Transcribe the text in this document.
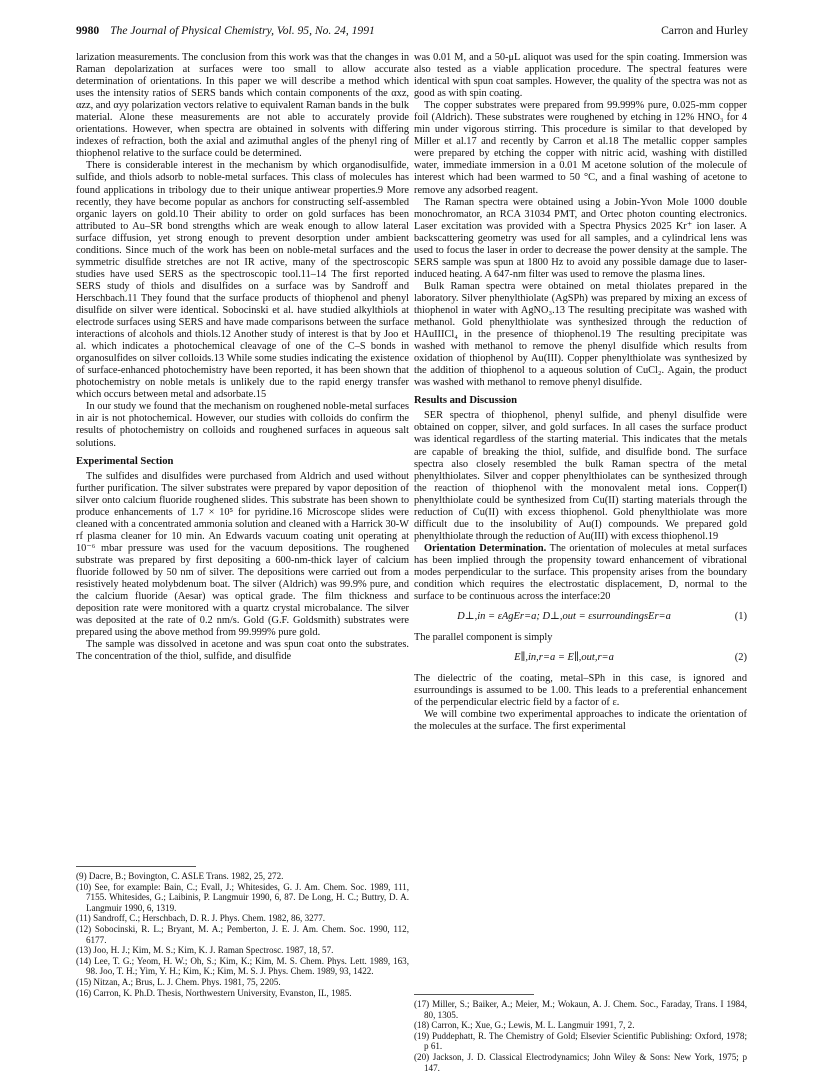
9980 The Journal of Physical Chemistry, Vol. 95, No. 24, 1991	Carron and Hurley

larization measurements. The conclusion from this work was that the changes in Raman depolarization at surfaces were too small to allow accurate determination of orientations. In this paper we will describe a method which uses the intensity ratios of SERS bands which contain components of the αxz, αzz, and αyy polarization vectors relative to equivalent Raman bands in the bulk material. Alone these measurements are not able to accurately provide orientations. However, when spectra are obtained in solvents with differing indexes of refraction, both the axial and azimuthal angles of the phenyl ring of thiophenol relative to the surface could be determined.

There is considerable interest in the mechanism by which organodisulfide, sulfide, and thiols adsorb to noble-metal surfaces. This class of molecules has found applications in tribology due to their unique antiwear properties.9 More recently, they have become popular as anchors for constructing self-assembled organic layers on gold.10 Their ability to order on gold surfaces has been attributed to Au–SR bond strengths which are weak enough to allow lateral surface diffusion, yet strong enough to prevent desorption under ambient conditions. Since much of the work has been on noble-metal surfaces and the symmetric disulfide stretches are not IR active, many of the spectroscopic studies have used SERS as the spectroscopic tool.11–14 The first reported SERS study of thiols and disulfides on a surface was by Sandroff and Herschbach.11 They found that the surface products of thiophenol and phenyl disulfide on silver were identical. Sobocinski et al. have studied alkylthiols at electrode surfaces using SERS and have made comparisons between the surface interactions of alcohols and thiols.12 Another study of interest is that by Joo et al. which indicates a photochemical cleavage of one of the C–S bonds in organosulfides on silver colloids.13 While some studies indicating the existence of surface-enhanced photochemistry have been reported, it has been shown that photochemistry on noble metals is unlikely due to the rapid energy transfer which occurs between metal and adsorbate.15

In our study we found that the mechanism on roughened noble-metal surfaces in air is not photochemical. However, our studies with colloids do confirm the results of photochemistry on colloids and roughened surfaces in aqueous salt solutions.

Experimental Section

The sulfides and disulfides were purchased from Aldrich and used without further purification. The silver substrates were prepared by vapor deposition of silver onto calcium fluoride roughened slides. This substrate has been shown to produce enhancements of 1.7 × 10⁵ for pyridine.16 Microscope slides were cleaned with a concentrated ammonia solution and cleaned with a Harrick 30-W rf plasma cleaner for 10 min. An Edwards vacuum coating unit operating at 10⁻⁶ mbar pressure was used for the vacuum depositions. The roughened substrate was prepared by first depositing a 600-nm-thick layer of calcium fluoride followed by 50 nm of silver. The depositions were carried out from a resistively heated molybdenum boat. The silver (Aldrich) was 99.9% pure, and the calcium fluoride (Aesar) was optical grade. The film thickness and deposition rate were monitored with a quartz crystal microbalance. The silver was deposited at the rate of 0.2 nm/s. Gold (G.F. Goldsmith) substrates were prepared using the above method from 99.999% pure gold.

The sample was dissolved in acetone and was spun coat onto the substrates. The concentration of the thiol, sulfide, and disulfide

(9) Dacre, B.; Bovington, C. ASLE Trans. 1982, 25, 272.

(10) See, for example: Bain, C.; Evall, J.; Whitesides, G. J. Am. Chem. Soc. 1989, 111, 7155. Whitesides, G.; Laibinis, P. Langmuir 1990, 6, 87. De Long, H. C.; Buttry, D. A. Langmuir 1990, 6, 1319.

(11) Sandroff, C.; Herschbach, D. R. J. Phys. Chem. 1982, 86, 3277.

(12) Sobocinski, R. L.; Bryant, M. A.; Pemberton, J. E. J. Am. Chem. Soc. 1990, 112, 6177.

(13) Joo, H. J.; Kim, M. S.; Kim, K. J. Raman Spectrosc. 1987, 18, 57.

(14) Lee, T. G.; Yeom, H. W.; Oh, S.; Kim, K.; Kim, M. S. Chem. Phys. Lett. 1989, 163, 98. Joo, T. H.; Yim, Y. H.; Kim, K.; Kim, M. S. J. Phys. Chem. 1989, 93, 1422.

(15) Nitzan, A.; Brus, L. J. Chem. Phys. 1981, 75, 2205.

(16) Carron, K. Ph.D. Thesis, Northwestern University, Evanston, IL, 1985.

was 0.01 M, and a 50-μL aliquot was used for the spin coating. Immersion was also tested as a viable application procedure. The spectral features were identical with spun coat samples. However, the quality of the spectra was not as good as with spin coating.

The copper substrates were prepared from 99.999% pure, 0.025-mm copper foil (Aldrich). These substrates were roughened by etching in 12% HNO₃ for 4 min under vigorous stirring. This procedure is similar to that developed by Miller et al.17 and recently by Carron et al.18 The metallic copper samples were prepared by etching the copper with nitric acid, washing with distilled water, immediate immersion in a 0.01 M acetone solution of the molecule of interest which had been warmed to 50 °C, and a final washing of acetone to remove any adsorbed reagent.

The Raman spectra were obtained using a Jobin-Yvon Mole 1000 double monochromator, an RCA 31034 PMT, and Ortec photon counting electronics. Laser excitation was provided with a Spectra Physics 2025 Kr⁺ ion laser. A backscattering geometry was used for all samples, and a cylindrical lens was used to focus the laser in order to decrease the power density at the sample. The SERS sample was spun at 1800 Hz to avoid any possible damage due to laser-induced heating. A 647-nm filter was used to remove the plasma lines.

Bulk Raman spectra were obtained on metal thiolates prepared in the laboratory. Silver phenylthiolate (AgSPh) was prepared by mixing an excess of thiophenol in water with AgNO₃.13 The resulting precipitate was washed with methanol. Gold phenylthiolate was synthesized through the reduction of HAuIIICl₄ in the presence of thiophenol.19 The resulting precipitate was washed with methanol to remove the phenyl disulfide which results from oxidation of thiophenol by Au(III). Copper phenylthiolate was synthesized by the addition of thiophenol to a aqueous solution of CuCl₂. Again, the product was washed with methanol to remove phenyl disulfide.

Results and Discussion

SER spectra of thiophenol, phenyl sulfide, and phenyl disulfide were obtained on copper, silver, and gold surfaces. In all cases the surface product was identical regardless of the starting material. This indicates that the metals are capable of breaking the thiol, sulfide, and disulfide bond. The surface spectra also closely resembled the bulk Raman spectra of the metal phenylthiolates. Silver and copper phenylthiolates can be synthesized through the reaction of thiophenol with the monovalent metal ions. Copper(I) phenylthiolate could be synthesized from Cu(II) starting materials through the reduction of Cu(II) with excess thiophenol. Gold phenylthiolate was more difficult due to the insolubility of Au(I) compounds. We prepared gold phenylthiolate through the reduction of Au(III) with excess thiophenol.19

Orientation Determination. The orientation of molecules at metal surfaces has been implied through the propensity toward enhancement of vibrational modes perpendicular to the surface. This propensity arises from the boundary condition which requires the electrostatic displacement, D, normal to the surface to be continuous across the interface:20

D⊥,in = εAgEr=a; D⊥,out = εsurroundingsEr=a	(1)

The parallel component is simply

E∥,in,r=a = E∥,out,r=a	(2)

The dielectric of the coating, metal–SPh in this case, is ignored and εsurroundings is assumed to be 1.00. This leads to a preferential enhancement of the perpendicular electric field by a factor of ε.

We will combine two experimental approaches to indicate the orientation of the molecules at the surface. The first experimental

(17) Miller, S.; Baiker, A.; Meier, M.; Wokaun, A. J. Chem. Soc., Faraday, Trans. I 1984, 80, 1305.

(18) Carron, K.; Xue, G.; Lewis, M. L. Langmuir 1991, 7, 2.

(19) Puddephatt, R. The Chemistry of Gold; Elsevier Scientific Publishing: Oxford, 1978; p 61.

(20) Jackson, J. D. Classical Electrodynamics; John Wiley & Sons: New York, 1975; p 147.
